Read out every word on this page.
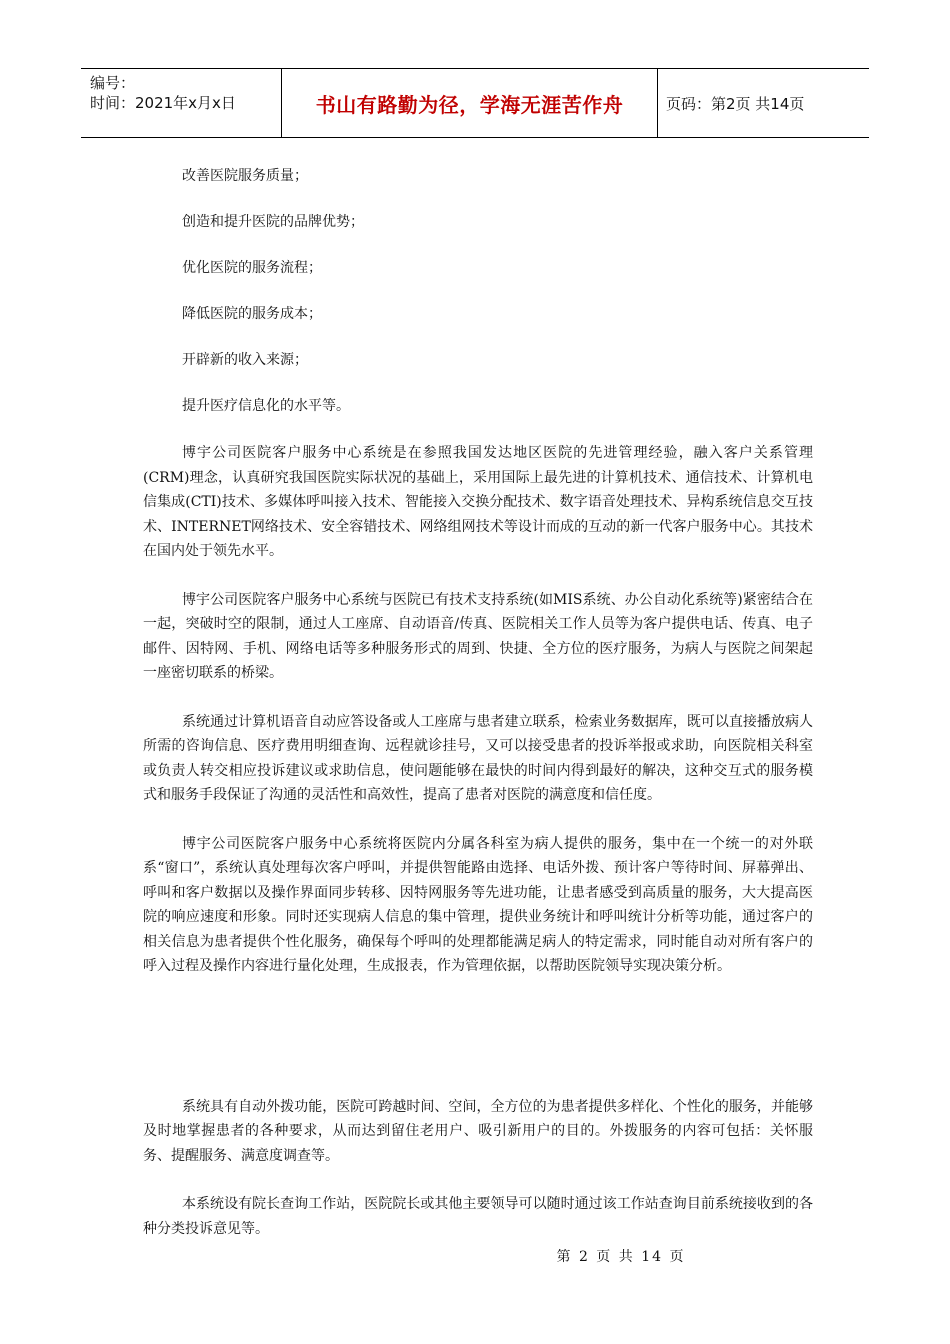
编号：
时间：2021年x月x日	书山有路勤为径，学海无涯苦作舟	页码：第2页 共14页
改善医院服务质量；
创造和提升医院的品牌优势；
优化医院的服务流程；
降低医院的服务成本；
开辟新的收入来源；
提升医疗信息化的水平等。

博宇公司医院客户服务中心系统是在参照我国发达地区医院的先进管理经验，融入客户关系管理(CRM)理念，认真研究我国医院实际状况的基础上，采用国际上最先进的计算机技术、通信技术、计算机电信集成(CTI)技术、多媒体呼叫接入技术、智能接入交换分配技术、数字语音处理技术、异构系统信息交互技术、INTERNET网络技术、安全容错技术、网络组网技术等设计而成的互动的新一代客户服务中心。其技术在国内处于领先水平。

博宇公司医院客户服务中心系统与医院已有技术支持系统(如MIS系统、办公自动化系统等)紧密结合在一起，突破时空的限制，通过人工座席、自动语音/传真、医院相关工作人员等为客户提供电话、传真、电子邮件、因特网、手机、网络电话等多种服务形式的周到、快捷、全方位的医疗服务，为病人与医院之间架起一座密切联系的桥梁。

系统通过计算机语音自动应答设备或人工座席与患者建立联系，检索业务数据库，既可以直接播放病人所需的咨询信息、医疗费用明细查询、远程就诊挂号，又可以接受患者的投诉举报或求助，向医院相关科室或负责人转交相应投诉建议或求助信息，使问题能够在最快的时间内得到最好的解决，这种交互式的服务模式和服务手段保证了沟通的灵活性和高效性，提高了患者对医院的满意度和信任度。

博宇公司医院客户服务中心系统将医院内分属各科室为病人提供的服务，集中在一个统一的对外联系“窗口”，系统认真处理每次客户呼叫，并提供智能路由选择、电话外拨、预计客户等待时间、屏幕弹出、呼叫和客户数据以及操作界面同步转移、因特网服务等先进功能，让患者感受到高质量的服务，大大提高医院的响应速度和形象。同时还实现病人信息的集中管理，提供业务统计和呼叫统计分析等功能，通过客户的相关信息为患者提供个性化服务，确保每个呼叫的处理都能满足病人的特定需求，同时能自动对所有客户的呼入过程及操作内容进行量化处理，生成报表，作为管理依据，以帮助医院领导实现决策分析。

系统具有自动外拨功能，医院可跨越时间、空间，全方位的为患者提供多样化、个性化的服务，并能够及时地掌握患者的各种要求，从而达到留住老用户、吸引新用户的目的。外拨服务的内容可包括：关怀服务、提醒服务、满意度调查等。

本系统设有院长查询工作站，医院院长或其他主要领导可以随时通过该工作站查询目前系统接收到的各种分类投诉意见等。

第 2 页 共 14 页
